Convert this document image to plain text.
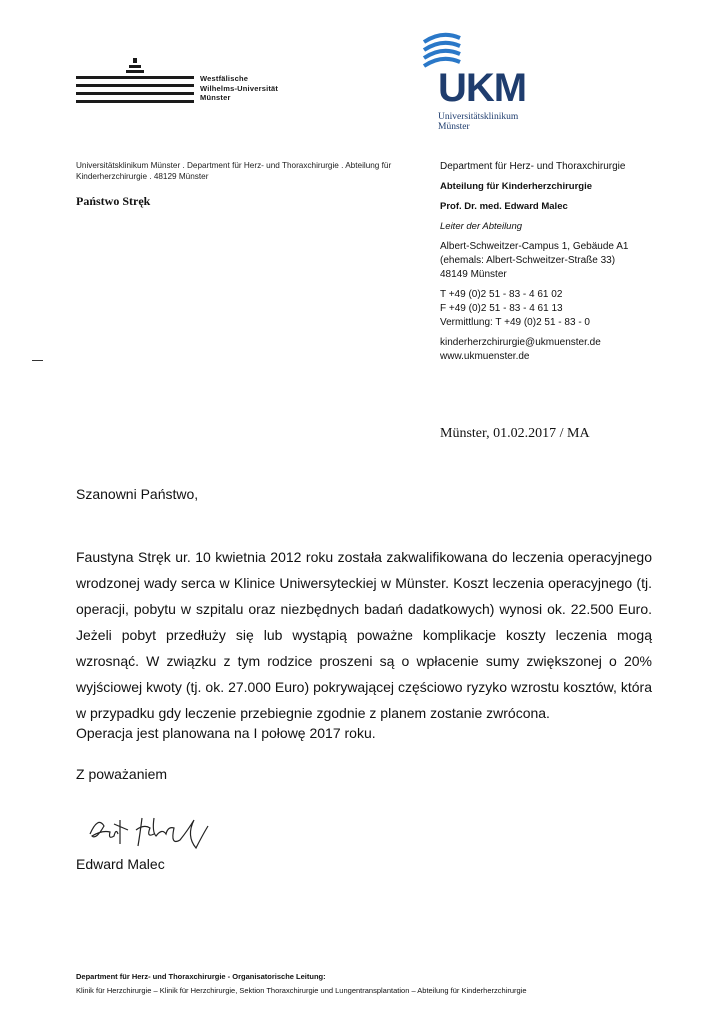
Westfälische
Wilhelms-Universität
Münster	UKM
Universitätsklinikum
Münster
Universitätsklinikum Münster . Department für Herz- und Thoraxchirurgie . Abteilung für Kinderherzchirurgie . 48129 Münster
Państwo Stręk
Department für Herz- und Thoraxchirurgie
Abteilung für Kinderherzchirurgie
Prof. Dr. med. Edward Malec
Leiter der Abteilung
Albert-Schweitzer-Campus 1, Gebäude A1
(ehemals: Albert-Schweitzer-Straße 33)
48149 Münster
T +49 (0)2 51 - 83 - 4 61 02
F +49 (0)2 51 - 83 - 4 61 13
Vermittlung: T +49 (0)2 51 - 83 - 0
kinderherzchirurgie@ukmuenster.de
www.ukmuenster.de
Münster, 01.02.2017 / MA
Szanowni Państwo,
Faustyna Stręk ur. 10 kwietnia 2012 roku została zakwalifikowana do leczenia operacyjnego wrodzonej wady serca w Klinice Uniwersyteckiej w Münster. Koszt leczenia operacyjnego (tj. operacji, pobytu w szpitalu oraz niezbędnych badań dadatkowych) wynosi ok. 22.500 Euro. Jeżeli pobyt przedłuży się lub wystąpią poważne komplikacje koszty leczenia mogą wzrosnąć. W związku z tym rodzice proszeni są o wpłacenie sumy zwiększonej o 20% wyjściowej kwoty (tj. ok. 27.000 Euro) pokrywającej częściowo ryzyko wzrostu kosztów, która w przypadku gdy leczenie przebiegnie zgodnie z planem zostanie zwrócona.
Operacja jest planowana na I połowę 2017 roku.
Z poważaniem
Edward Malec
Department für Herz- und Thoraxchirurgie - Organisatorische Leitung:
Klinik für Herzchirurgie – Klinik für Herzchirurgie, Sektion Thoraxchirurgie und Lungentransplantation – Abteilung für Kinderherzchirurgie
